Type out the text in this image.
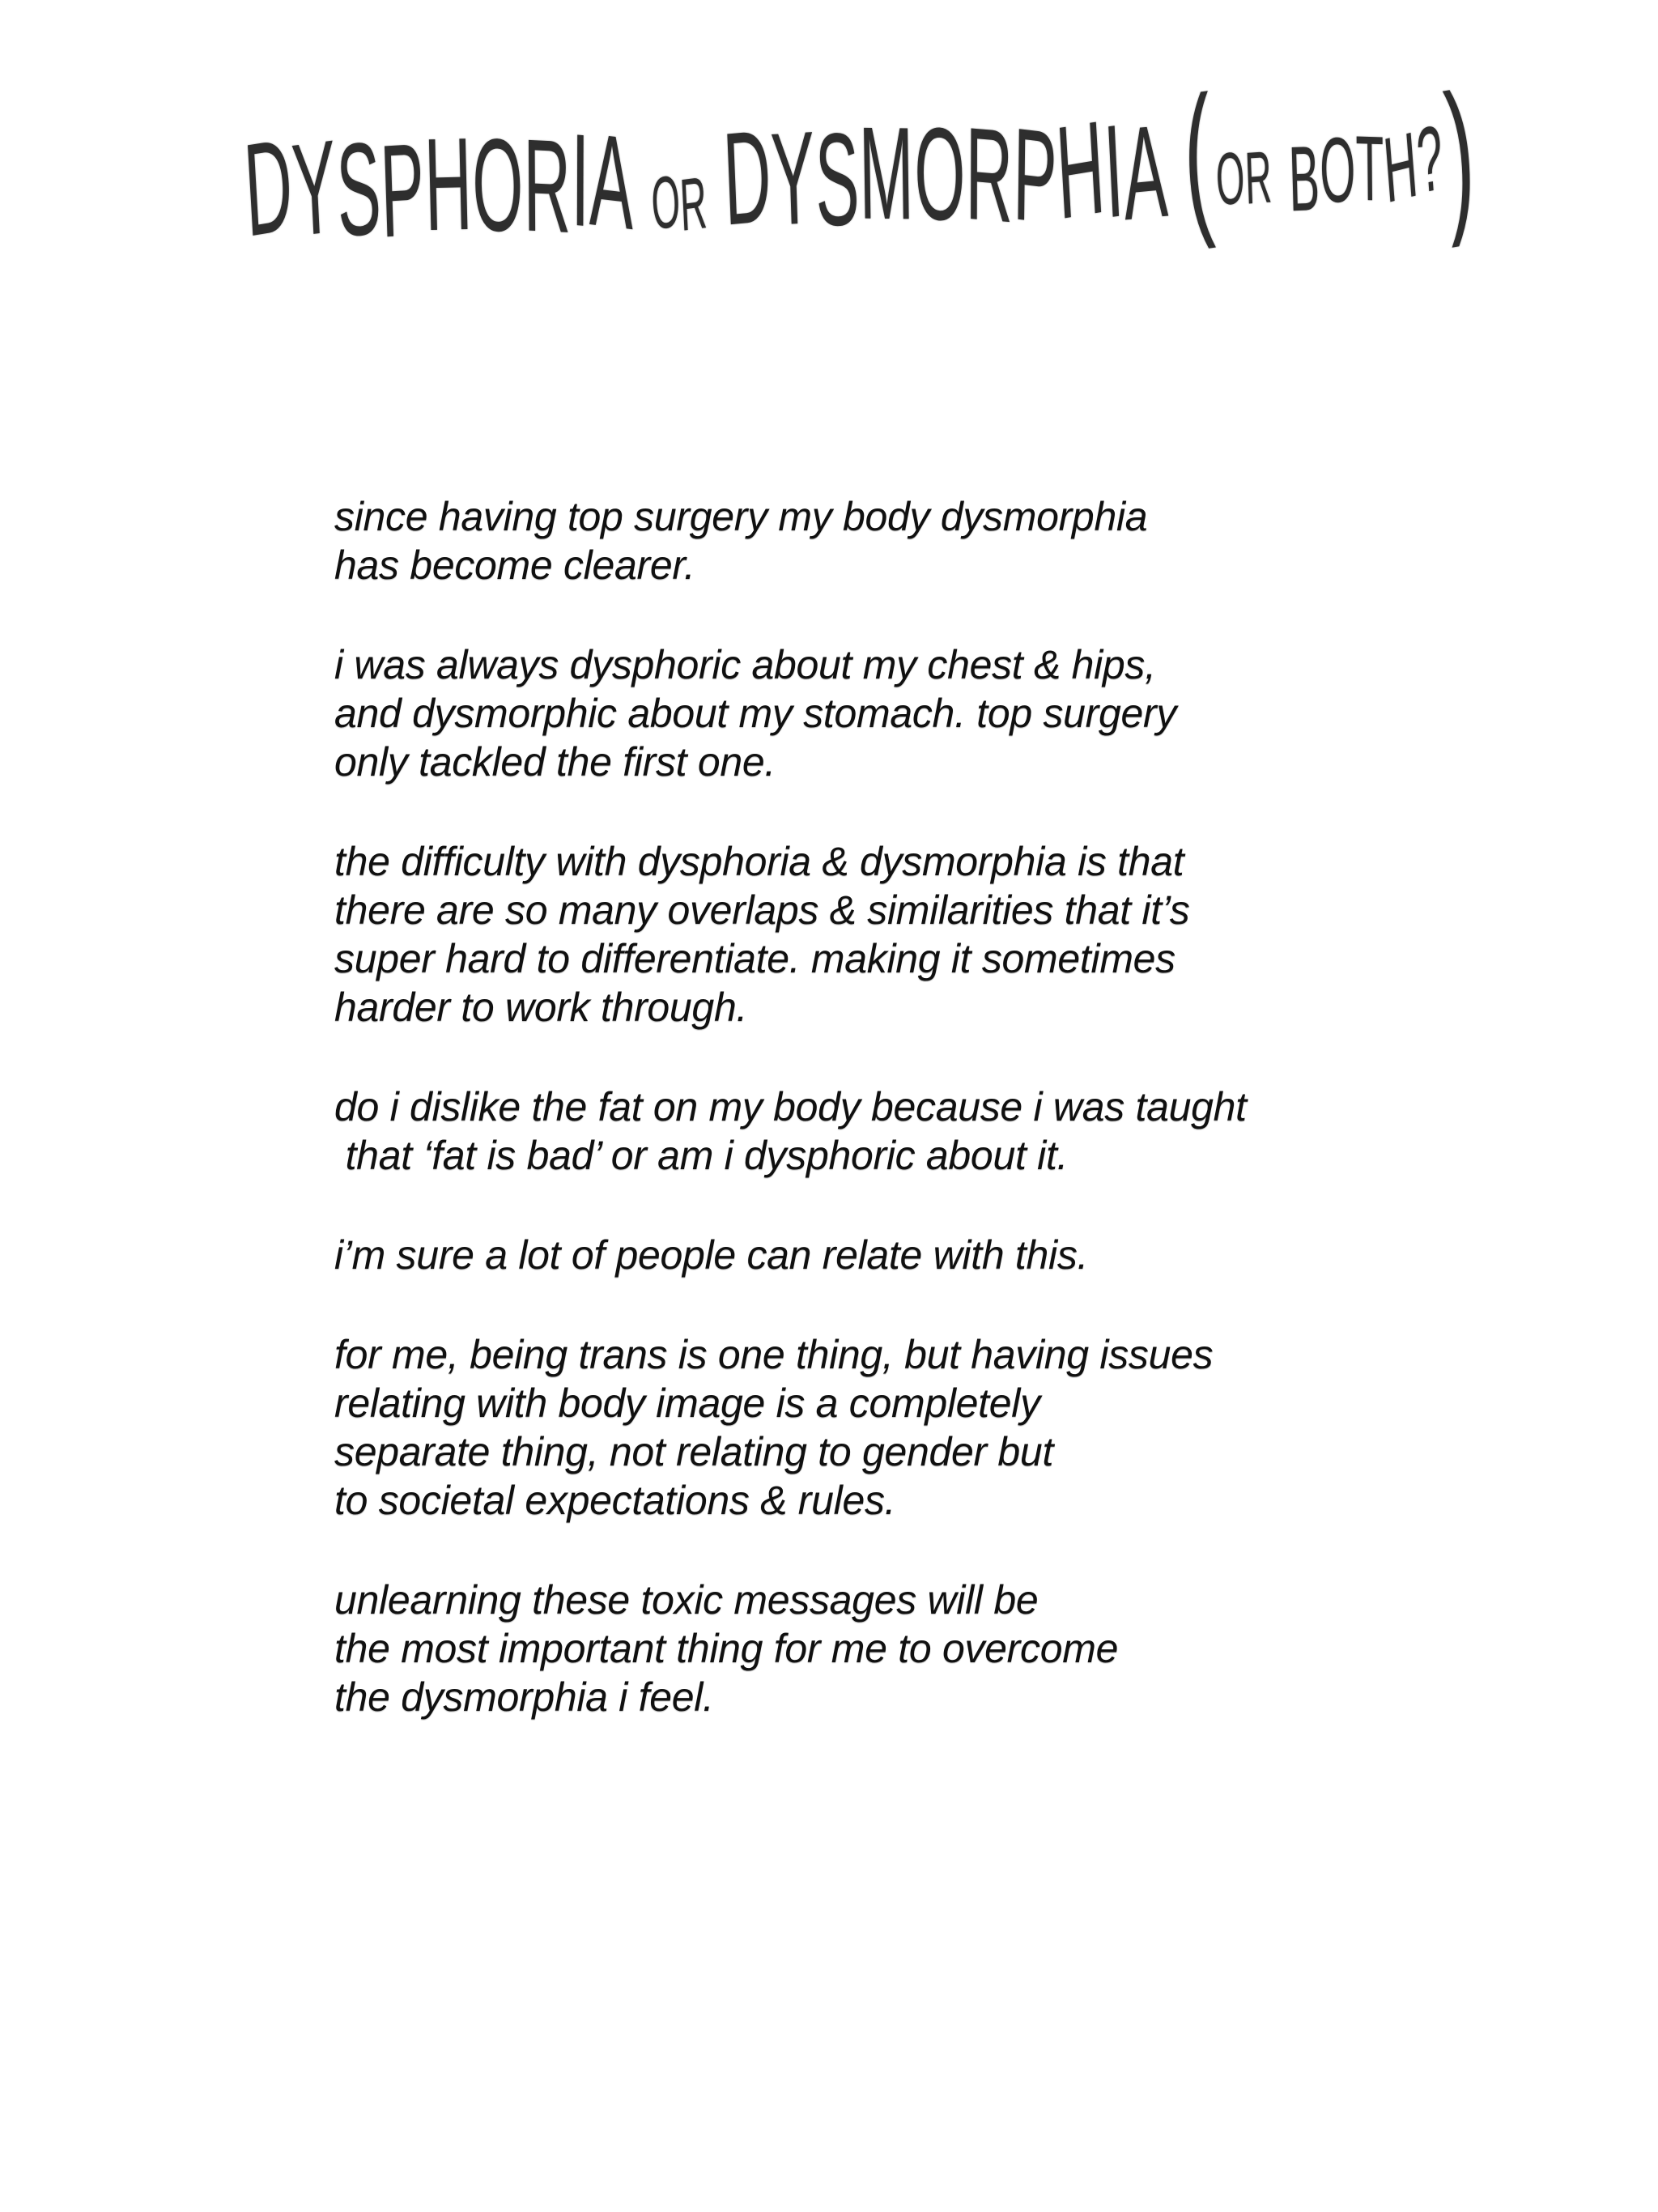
DYSPHORIA OR DYSMORPHIA(OR BOTH?)
since having top surgery my body dysmorphia
has become clearer.
i was always dysphoric about my chest & hips,
and dysmorphic about my stomach. top surgery
only tackled the first one.
the difficulty with dysphoria & dysmorphia is that
there are so many overlaps & similarities that it’s
super hard to differentiate. making it sometimes
harder to work through.
do i dislike the fat on my body because i was taught
that ‘fat is bad’ or am i dysphoric about it.
i’m sure a lot of people can relate with this.
for me, being trans is one thing, but having issues
relating with body image is a completely
separate thing, not relating to gender but
to societal expectations & rules.
unlearning these toxic messages will be
the most important thing for me to overcome
the dysmorphia i feel.
